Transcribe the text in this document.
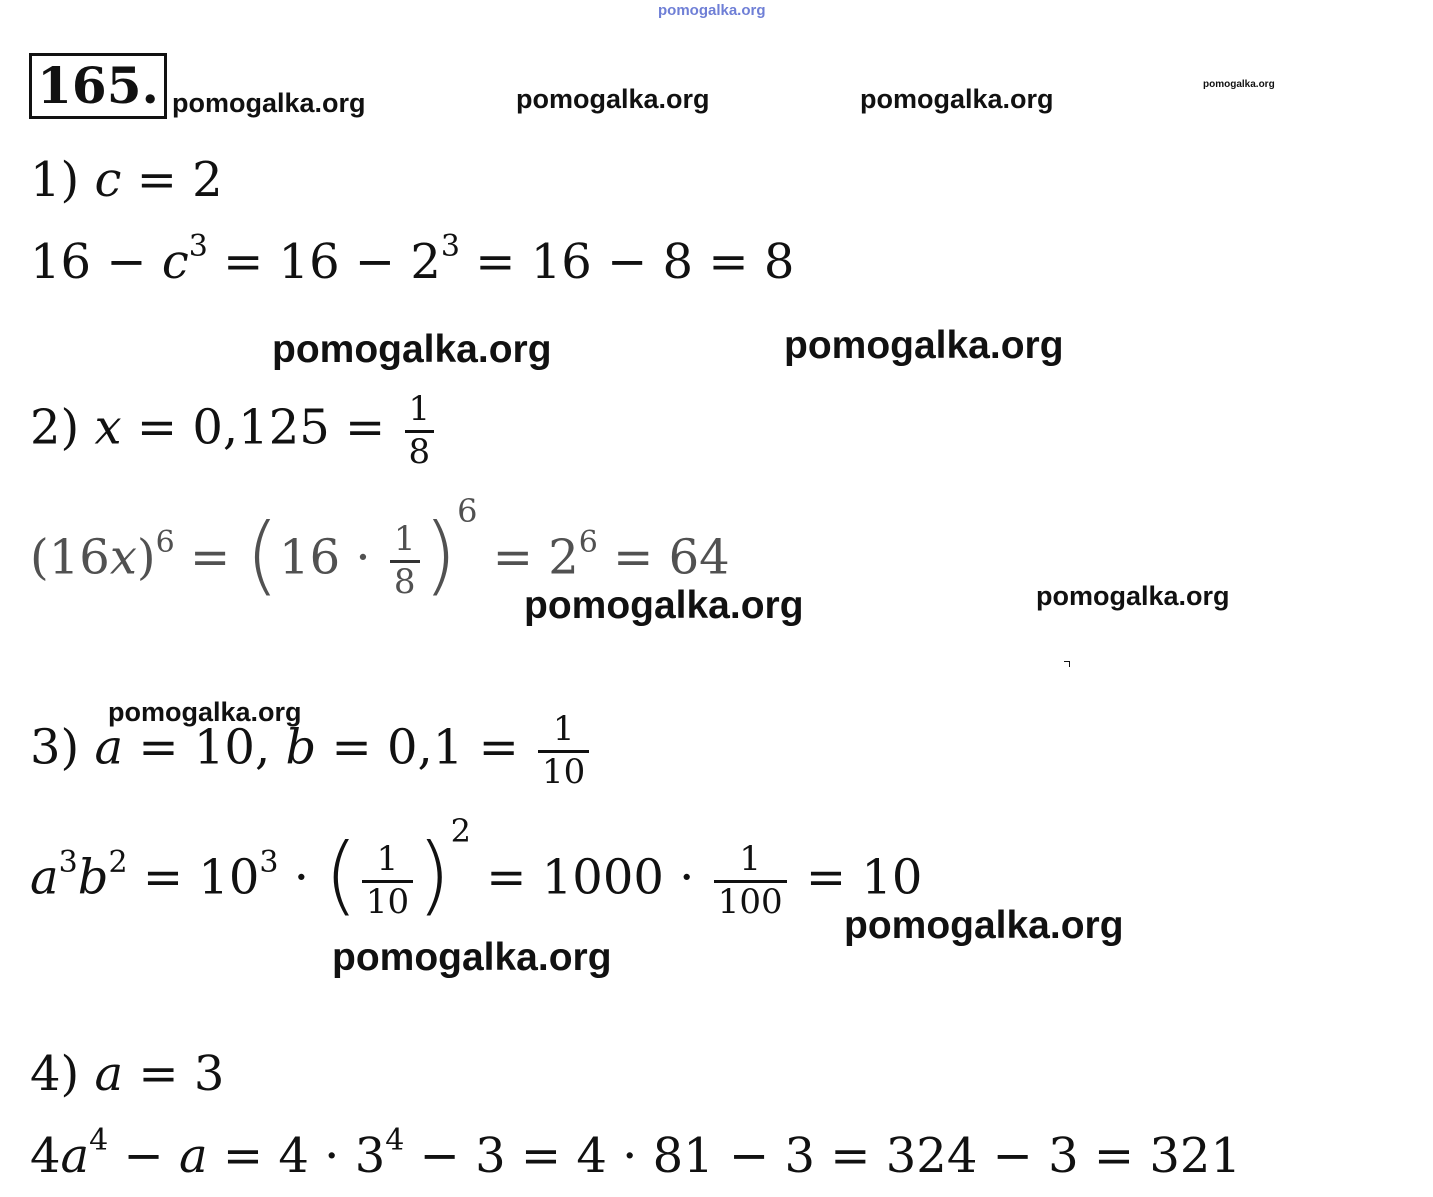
pomogalka.org
pomogalka.org	pomogalka.org	pomogalka.org	pomogalka.org
pomogalka.org	pomogalka.org
pomogalka.org	pomogalka.org
pomogalka.org
pomogalka.org
pomogalka.org
165.
1) c = 2
$16 - c^3 = 16 - 2^3 = 16 - 8 = 8$
2) $x = 0,125 = \frac{1}{8}$
$(16x)^6 = (16 \cdot \frac{1}{8} )^6 = 2^6 = 64$
3) a = 10, $b = 0,1 = \frac{1}{10}$
$a^3b^2 = 10^3$ · ( $\frac{1}{10} )^2 = 1000 \cdot \frac{1}{100} = 10$
4) a = 3
$4a^4 - a = 4 \cdot 3^4 - 3 = 4 \cdot 81 - 3 = 324 - 3 = 321$
